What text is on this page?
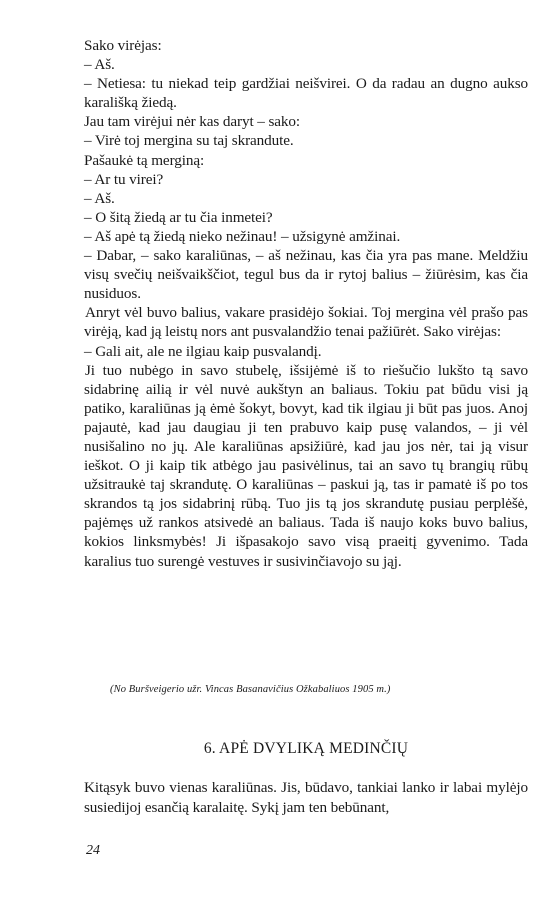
Sako virėjas:

– Aš.

– Netiesa: tu niekad teip gardžiai neišvirei. O da radau an dugno aukso karališką žiedą.

Jau tam virėjui nėr kas daryt – sako:

– Virė toj mergina su taj skrandute.

Pašaukė tą merginą:

– Ar tu virei?

– Aš.

– O šitą žiedą ar tu čia inmetei?

– Aš apė tą žiedą nieko nežinau! – užsigynė amžinai.

– Dabar, – sako karaliūnas, – aš nežinau, kas čia yra pas mane. Meldžiu visų svečių neišvaikščiot, tegul bus da ir rytoj balius – žiūrėsim, kas čia nusiduos.

Anryt vėl buvo balius, vakare prasidėjo šokiai. Toj mergina vėl prašo pas virėją, kad ją leistų nors ant pusvalandžio tenai pažiūrėt. Sako virėjas:

– Gali ait, ale ne ilgiau kaip pusvalandį.

Ji tuo nubėgo in savo stubelę, išsijėmė iš to riešučio lukšto tą savo sidabrinę ailią ir vėl nuvė aukštyn an baliaus. Tokiu pat būdu visi ją patiko, karaliūnas ją ėmė šokyt, bovyt, kad tik ilgiau ji būt pas juos. Anoj pajautė, kad jau daugiau ji ten prabuvo kaip pusę valandos, – ji vėl nusišalino no jų. Ale karaliūnas apsižiūrė, kad jau jos nėr, tai ją visur ieškot. O ji kaip tik atbėgo jau pasivėlinus, tai an savo tų brangių rūbų užsitraukė taj skrandutę. O karaliūnas – paskui ją, tas ir pamatė iš po tos skrandos tą jos sidabrinį rūbą. Tuo jis tą jos skrandutę pusiau perplėšė, pajėmęs už rankos atsivedė an baliaus. Tada iš naujo koks buvo balius, kokios linksmybės! Ji išpasakojo savo visą praeitį gyvenimo. Tada karalius tuo surengė vestuves ir susivinčiavojo su jąj.

(No Buršveigerio užr. Vincas Basanavičius Ožkabaliuos 1905 m.)
6. APĖ DVYLIKĄ MEDINČIŲ

Kitąsyk buvo vienas karaliūnas. Jis, būdavo, tankiai lanko ir labai mylėjo susiedijoj esančią karalaitę. Sykį jam ten bebūnant,

24
